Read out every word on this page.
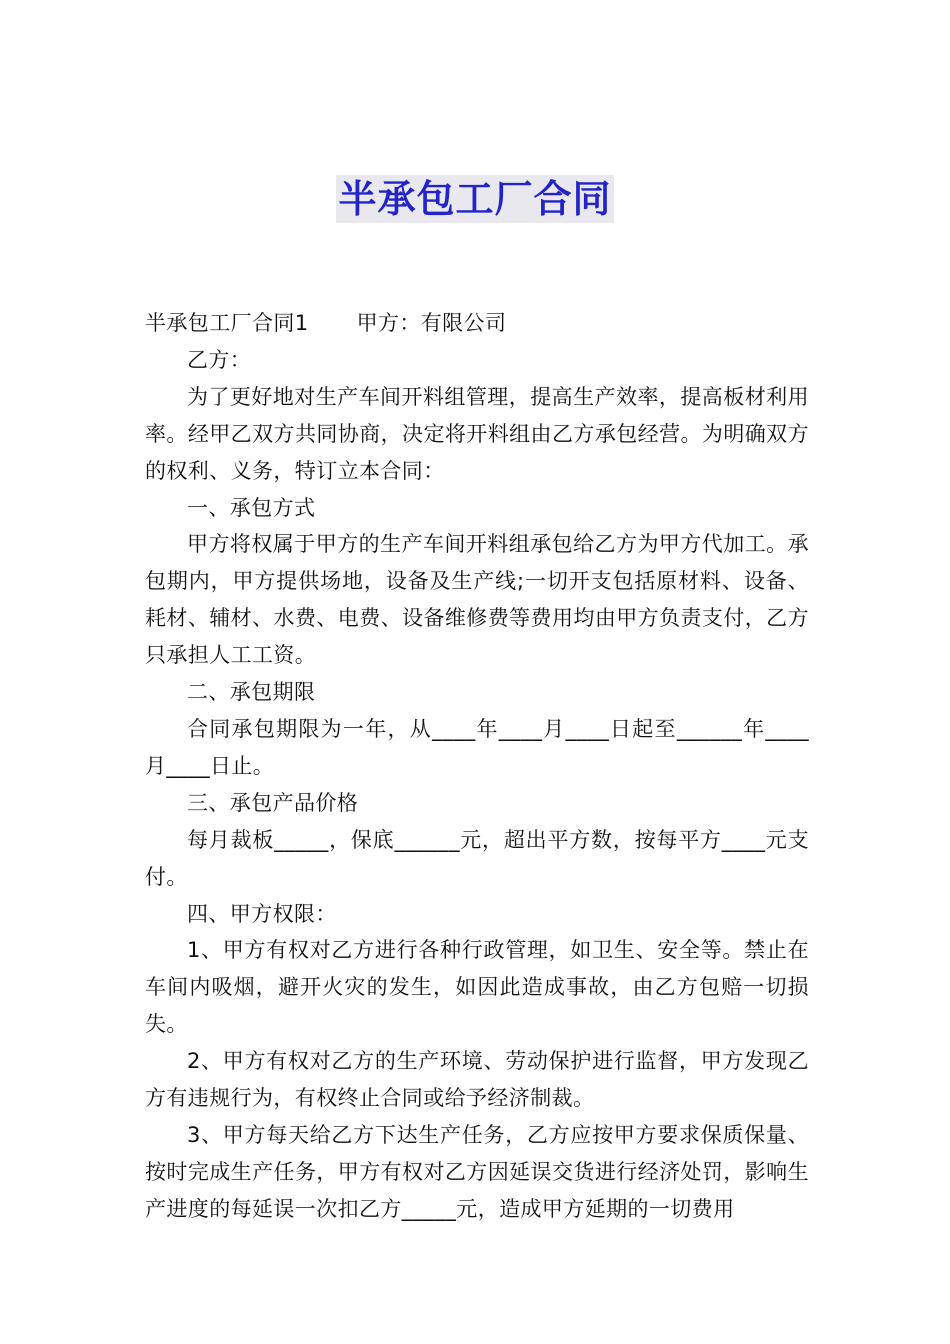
半承包工厂合同

半承包工厂合同1 甲方：有限公司

乙方：

为了更好地对生产车间开料组管理，提高生产效率，提高板材利用率。经甲乙双方共同协商，决定将开料组由乙方承包经营。为明确双方的权利、义务，特订立本合同：

一、承包方式

甲方将权属于甲方的生产车间开料组承包给乙方为甲方代加工。承包期内，甲方提供场地，设备及生产线;一切开支包括原材料、设备、耗材、辅材、水费、电费、设备维修费等费用均由甲方负责支付，乙方只承担人工工资。

二、承包期限

合同承包期限为一年，从____年____月____日起至______年____月____日止。

三、承包产品价格

每月裁板_____，保底______元，超出平方数，按每平方____元支付。

四、甲方权限：

1、甲方有权对乙方进行各种行政管理，如卫生、安全等。禁止在车间内吸烟，避开火灾的发生，如因此造成事故，由乙方包赔一切损失。

2、甲方有权对乙方的生产环境、劳动保护进行监督，甲方发现乙方有违规行为，有权终止合同或给予经济制裁。

3、甲方每天给乙方下达生产任务，乙方应按甲方要求保质保量、按时完成生产任务，甲方有权对乙方因延误交货进行经济处罚，影响生产进度的每延误一次扣乙方_____元，造成甲方延期的一切费用
